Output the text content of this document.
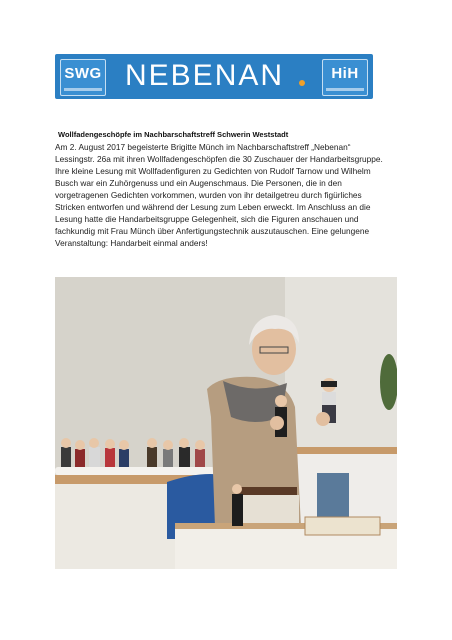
SWG NEBENAN	HiH
Wollfadengeschöpfe im Nachbarschaftstreff Schwerin Weststadt
Am 2. August 2017 begeisterte Brigitte Münch im Nachbarschaftstreff „Nebenan“
Lessingstr. 26a mit ihren Wollfadengeschöpfen die 30 Zuschauer der Handarbeitsgruppe.
Ihre kleine Lesung mit Wollfadenfiguren zu Gedichten von Rudolf Tarnow und Wilhelm
Busch war ein Zuhörgenuss und ein Augenschmaus. Die Personen, die in den
vorgetragenen Gedichten vorkommen, wurden von ihr detailgetreu durch figürliches
Stricken entworfen und während der Lesung zum Leben erweckt. Im Anschluss an die
Lesung hatte die Handarbeitsgruppe Gelegenheit, sich die Figuren anschauen und
fachkundig mit Frau Münch über Anfertigungstechnik auszutauschen. Eine gelungene
Veranstaltung: Handarbeit einmal anders!
